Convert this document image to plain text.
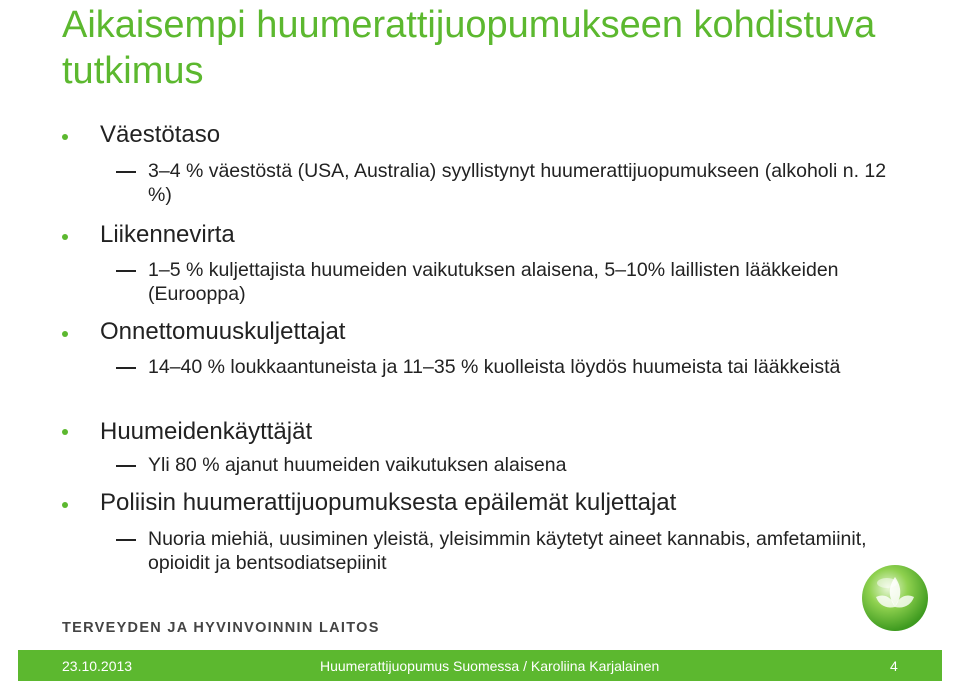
Aikaisempi huumerattijuopumukseen kohdistuva tutkimus
Väestötaso
3–4 % väestöstä (USA, Australia) syyllistynyt huumerattijuopumukseen (alkoholi n. 12 %)
Liikennevirta
1–5 % kuljettajista huumeiden vaikutuksen alaisena, 5–10% laillisten lääkkeiden (Eurooppa)
Onnettomuuskuljettajat
14–40 % loukkaantuneista ja 11–35 % kuolleista löydös huumeista tai lääkkeistä
Huumeidenkäyttäjät
Yli 80 % ajanut huumeiden vaikutuksen alaisena
Poliisin huumerattijuopumuksesta epäilemät kuljettajat
Nuoria miehiä, uusiminen yleistä, yleisimmin käytetyt aineet kannabis, amfetamiinit, opioidit ja bentsodiatsepiinit
TERVEYDEN JA HYVINVOINNIN LAITOS
23.10.2013	Huumerattijuopumus Suomessa / Karoliina Karjalainen	4
